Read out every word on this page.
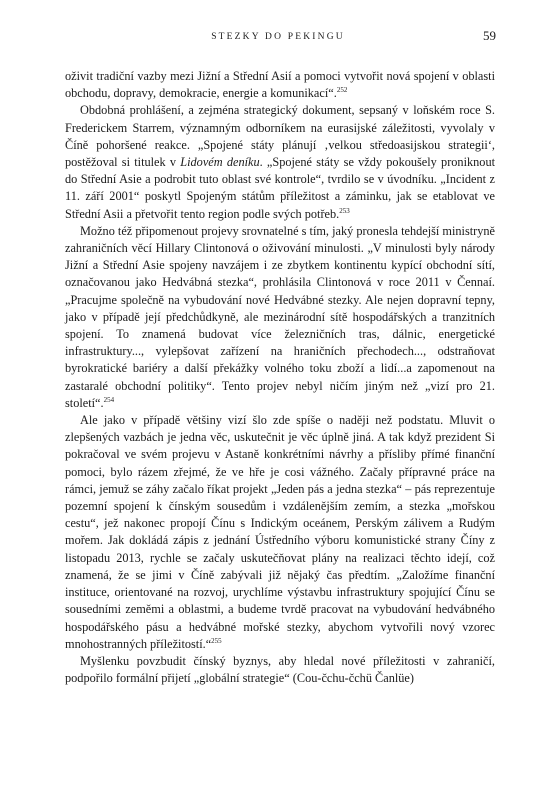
STEZKY DO PEKINGU	59

oživit tradiční vazby mezi Jižní a Střední Asií a pomoci vytvořit nová spojení v oblasti obchodu, dopravy, demokracie, energie a komunikací“.$^{252}$

Obdobná prohlášení, a zejména strategický dokument, sepsaný v loňském roce S. Frederickem Starrem, významným odborníkem na eurasijské záležitosti, vyvolaly v Číně pohoršené reakce. „Spojené státy plánují ‚velkou středoasijskou strategii‘, postěžoval si titulek v Lidovém deníku. „Spojené státy se vždy pokoušely proniknout do Střední Asie a podrobit tuto oblast své kontrole“, tvrdilo se v úvodníku. „Incident z 11. září 2001“ poskytl Spojeným státům příležitost a záminku, jak se etablovat ve Střední Asii a přetvořit tento region podle svých potřeb.$^{253}$

Možno též připomenout projevy srovnatelné s tím, jaký pronesla tehdejší ministryně zahraničních věcí Hillary Clintonová o oživování minulosti. „V minulosti byly národy Jižní a Střední Asie spojeny navzájem i ze zbytkem kontinentu kypící obchodní sítí, označovanou jako Hedvábná stezka“, prohlásila Clintonová v roce 2011 v Čennaí. „Pracujme společně na vybudování nové Hedvábné stezky. Ale nejen dopravní tepny, jako v případě její předchůdkyně, ale mezinárodní sítě hospodářských a tranzitních spojení. To znamená budovat více železničních tras, dálnic, energetické infrastruktury..., vylepšovat zařízení na hraničních přechodech..., odstraňovat byrokratické bariéry a další překážky volného toku zboží a lidí...a zapomenout na zastaralé obchodní politiky“. Tento projev nebyl ničím jiným než „vizí pro 21. století“.$^{254}$

Ale jako v případě většiny vizí šlo zde spíše o naději než podstatu. Mluvit o zlepšených vazbách je jedna věc, uskutečnit je věc úplně jiná. A tak když prezident Si pokračoval ve svém projevu v Astaně konkrétními návrhy a přísliby přímé finanční pomoci, bylo rázem zřejmé, že ve hře je cosi vážného. Začaly přípravné práce na rámci, jemuž se záhy začalo říkat projekt „Jeden pás a jedna stezka“ – pás reprezentuje pozemní spojení k čínským sousedům i vzdálenějším zemím, a stezka „mořskou cestu“, jež nakonec propojí Čínu s Indickým oceánem, Perským zálivem a Rudým mořem. Jak dokládá zápis z jednání Ústředního výboru komunistické strany Číny z listopadu 2013, rychle se začaly uskutečňovat plány na realizaci těchto idejí, což znamená, že se jimi v Číně zabývali již nějaký čas předtím. „Založíme finanční instituce, orientované na rozvoj, urychlíme výstavbu infrastruktury spojující Čínu se sousedními zeměmi a oblastmi, a budeme tvrdě pracovat na vybudování hedvábného hospodářského pásu a hedvábné mořské stezky, abychom vytvořili nový vzorec mnohostranných příležitostí.“$^{255}$

Myšlenku povzbudit čínský byznys, aby hledal nové příležitosti v zahraničí, podpořilo formální přijetí „globální strategie“ (Cou-čchu-čchü Čanlüe)
